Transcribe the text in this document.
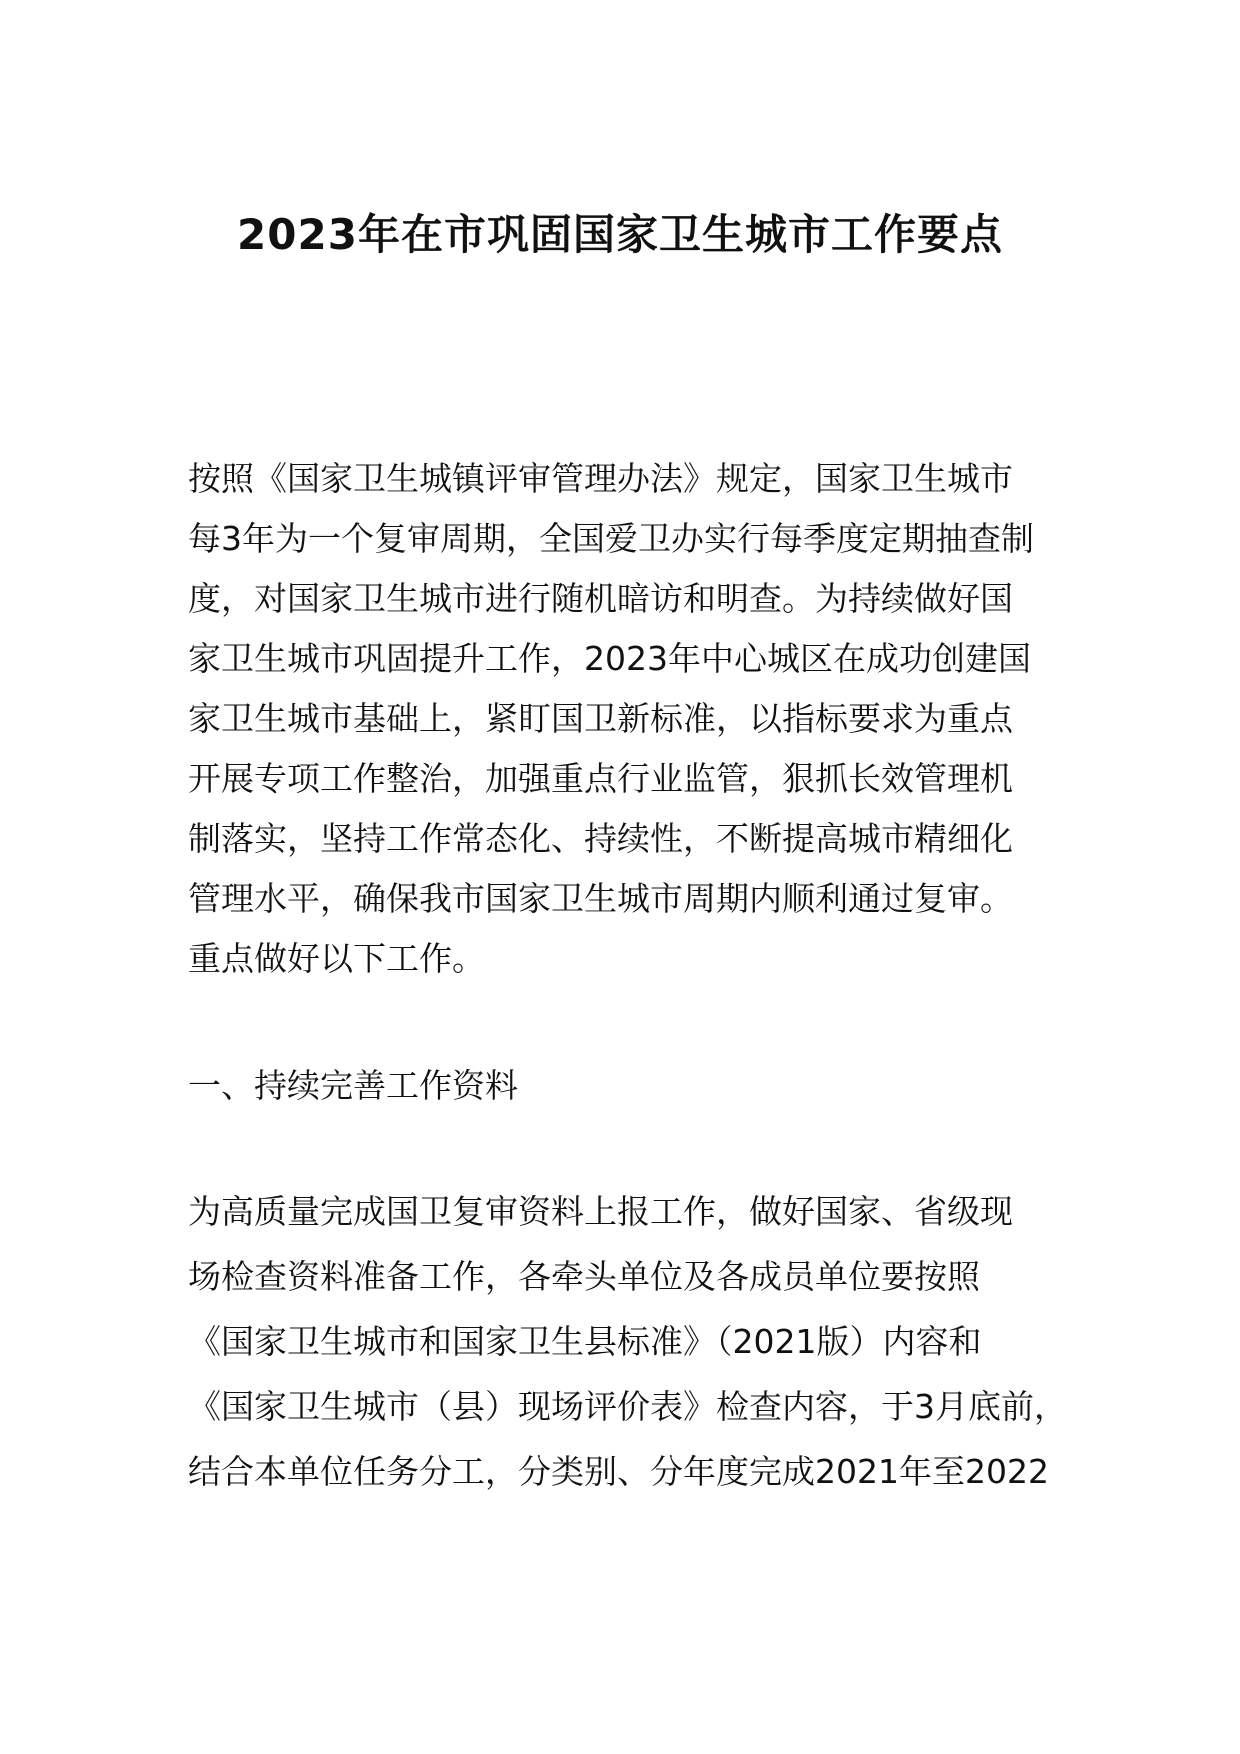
2023年在市巩固国家卫生城市工作要点
按照《国家卫生城镇评审管理办法》规定，国家卫生城市
每3年为一个复审周期，全国爱卫办实行每季度定期抽查制
度，对国家卫生城市进行随机暗访和明查。为持续做好国
家卫生城市巩固提升工作，2023年中心城区在成功创建国
家卫生城市基础上，紧盯国卫新标准，以指标要求为重点
开展专项工作整治，加强重点行业监管，狠抓长效管理机
制落实，坚持工作常态化、持续性，不断提高城市精细化
管理水平，确保我市国家卫生城市周期内顺利通过复审。
重点做好以下工作。
一、持续完善工作资料
为高质量完成国卫复审资料上报工作，做好国家、省级现
场检查资料准备工作，各牵头单位及各成员单位要按照
《国家卫生城市和国家卫生县标准》（2021版）内容和
《国家卫生城市（县）现场评价表》检查内容，于3月底前，
结合本单位任务分工，分类别、分年度完成2021年至2022
